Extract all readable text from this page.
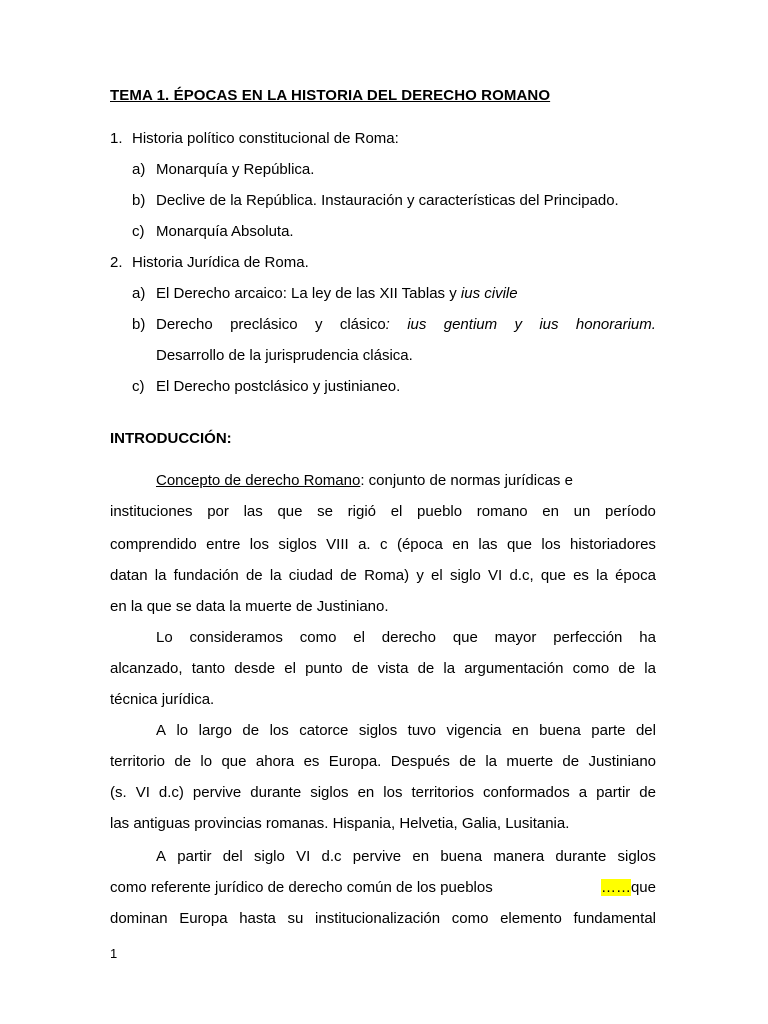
TEMA 1. ÉPOCAS EN LA HISTORIA DEL DERECHO ROMANO
1. Historia político constitucional de Roma:
a) Monarquía y República.
b) Declive de la República. Instauración y características del Principado.
c) Monarquía Absoluta.
2. Historia Jurídica de Roma.
a) El Derecho arcaico: La ley de las XII Tablas y ius civile
b) Derecho preclásico y clásico: ius gentium y ius honorarium.
Desarrollo de la jurisprudencia clásica.
c) El Derecho postclásico y justinianeo.
INTRODUCCIÓN:
Concepto de derecho Romano: conjunto de normas jurídicas e
instituciones por las que se rigió el pueblo romano en un período
comprendido entre los siglos VIII a. c (época en las que los historiadores
datan la fundación de la ciudad de Roma) y el siglo VI d.c, que es la época
en la que se data la muerte de Justiniano.
Lo consideramos como el derecho que mayor perfección ha
alcanzado, tanto desde el punto de vista de la argumentación como de la
técnica jurídica.
A lo largo de los catorce siglos tuvo vigencia en buena parte del
territorio de lo que ahora es Europa. Después de la muerte de Justiniano
(s. VI d.c) pervive durante siglos en los territorios conformados a partir de
las antiguas provincias romanas. Hispania, Helvetia, Galia, Lusitania.
A partir del siglo VI d.c pervive en buena manera durante siglos
como referente jurídico de derecho común de los pueblos	……que
dominan Europa hasta su institucionalización como elemento fundamental
1
